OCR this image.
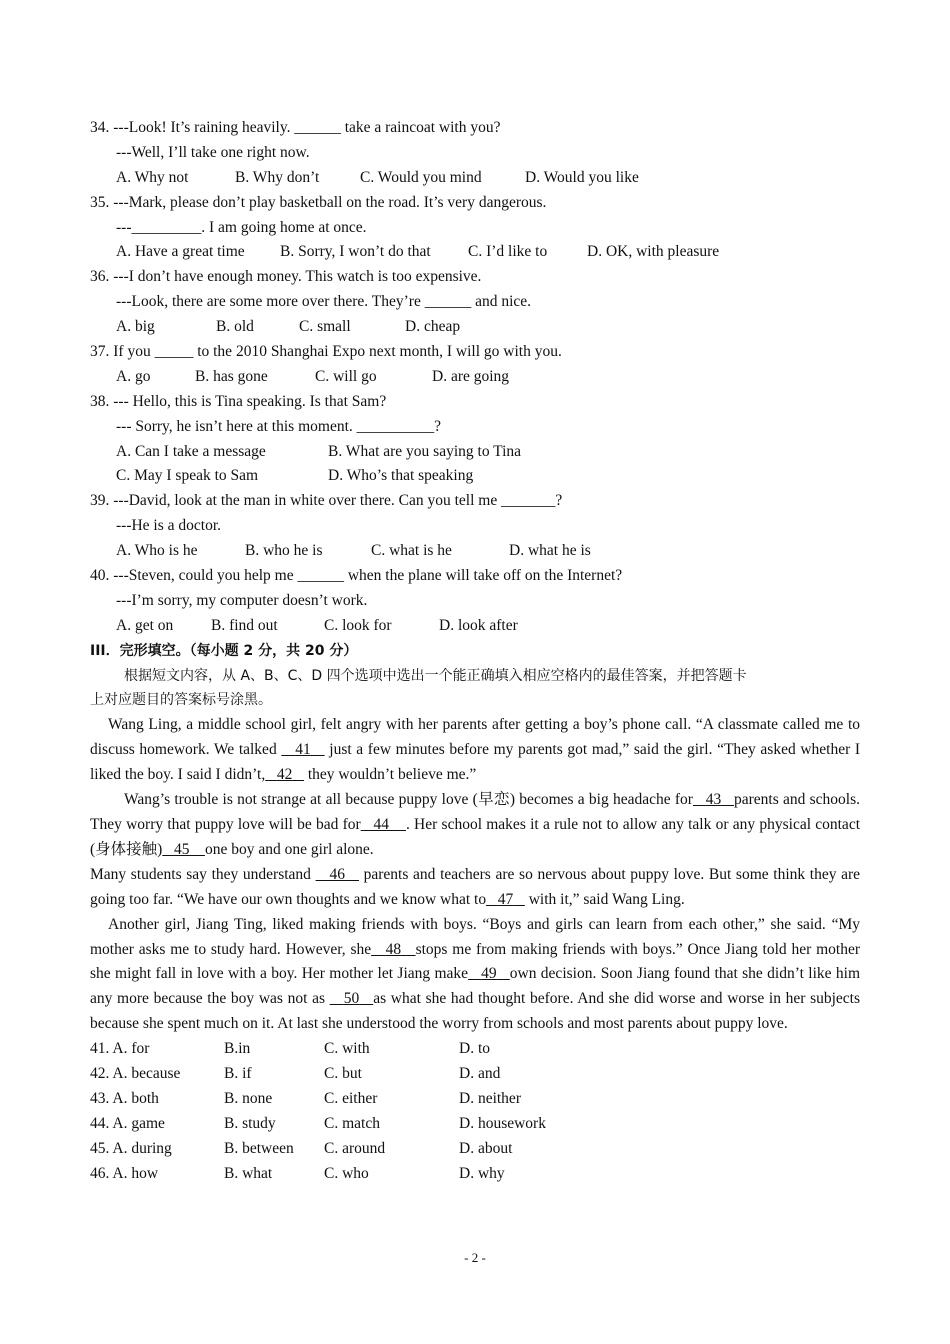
34. ---Look! It’s raining heavily. ______ take a raincoat with you?
---Well, I’ll take one right now.
A. Why not	B. Why don’t	C. Would you mind	D. Would you like
35. ---Mark, please don’t play basketball on the road. It’s very dangerous.
---_________. I am going home at once.
A. Have a great time B. Sorry, I won’t do that C. I’d like to	D. OK, with pleasure
36. ---I don’t have enough money. This watch is too expensive.
---Look, there are some more over there. They’re ______ and nice.
A. big	B. old	C. small	D. cheap
37. If you _____ to the 2010 Shanghai Expo next month, I will go with you.
A. go	B. has gone	C. will go	D. are going
38. --- Hello, this is Tina speaking. Is that Sam?
--- Sorry, he isn’t here at this moment. __________?
A. Can I take a message	B. What are you saying to Tina
C. May I speak to Sam	D. Who’s that speaking
39. ---David, look at the man in white over there. Can you tell me _______?
---He is a doctor.
A. Who is he	B. who he is	C. what is he	D. what he is
40. ---Steven, could you help me ______ when the plane will take off on the Internet?
---I’m sorry, my computer doesn’t work.
A. get on B. find out	C. look for	D. look after
III．完形填空。（每小题 2 分，共 20 分）
根据短文内容，从 A、B、C、D 四个选项中选出一个能正确填入相应空格内的最佳答案，并把答题卡
上对应题目的答案标号涂黑。

Wang Ling, a middle school girl, felt angry with her parents after getting a boy’s phone call. “A classmate called me to discuss homework. We talked 41 just a few minutes before my parents got mad,” said the girl. “They asked whether I liked the boy. I said I didn’t, 42 they wouldn’t believe me.”

Wang’s trouble is not strange at all because puppy love (早恋) becomes a big headache for 43 parents and schools. They worry that puppy love will be bad for 44 . Her school makes it a rule not to allow any talk or any physical contact (身体接触) 45 one boy and one girl alone.

Many students say they understand 46 parents and teachers are so nervous about puppy love. But some think they are going too far. “We have our own thoughts and we know what to 47 with it,” said Wang Ling.

Another girl, Jiang Ting, liked making friends with boys. “Boys and girls can learn from each other,” she said. “My mother asks me to study hard. However, she 48 stops me from making friends with boys.” Once Jiang told her mother she might fall in love with a boy. Her mother let Jiang make 49 own decision. Soon Jiang found that she didn’t like him any more because the boy was not as 50 as what she had thought before. And she did worse and worse in her subjects because she spent much on it. At last she understood the worry from schools and most parents about puppy love.

41. A. for	B.in	C. with	D. to
42. A. because	B. if	C. but	D. and
43. A. both	B. none	C. either	D. neither
44. A. game	B. study	C. match	D. housework
45. A. during	B. between C. around	D. about
46. A. how	B. what	C. who	D. why
- 2 -
